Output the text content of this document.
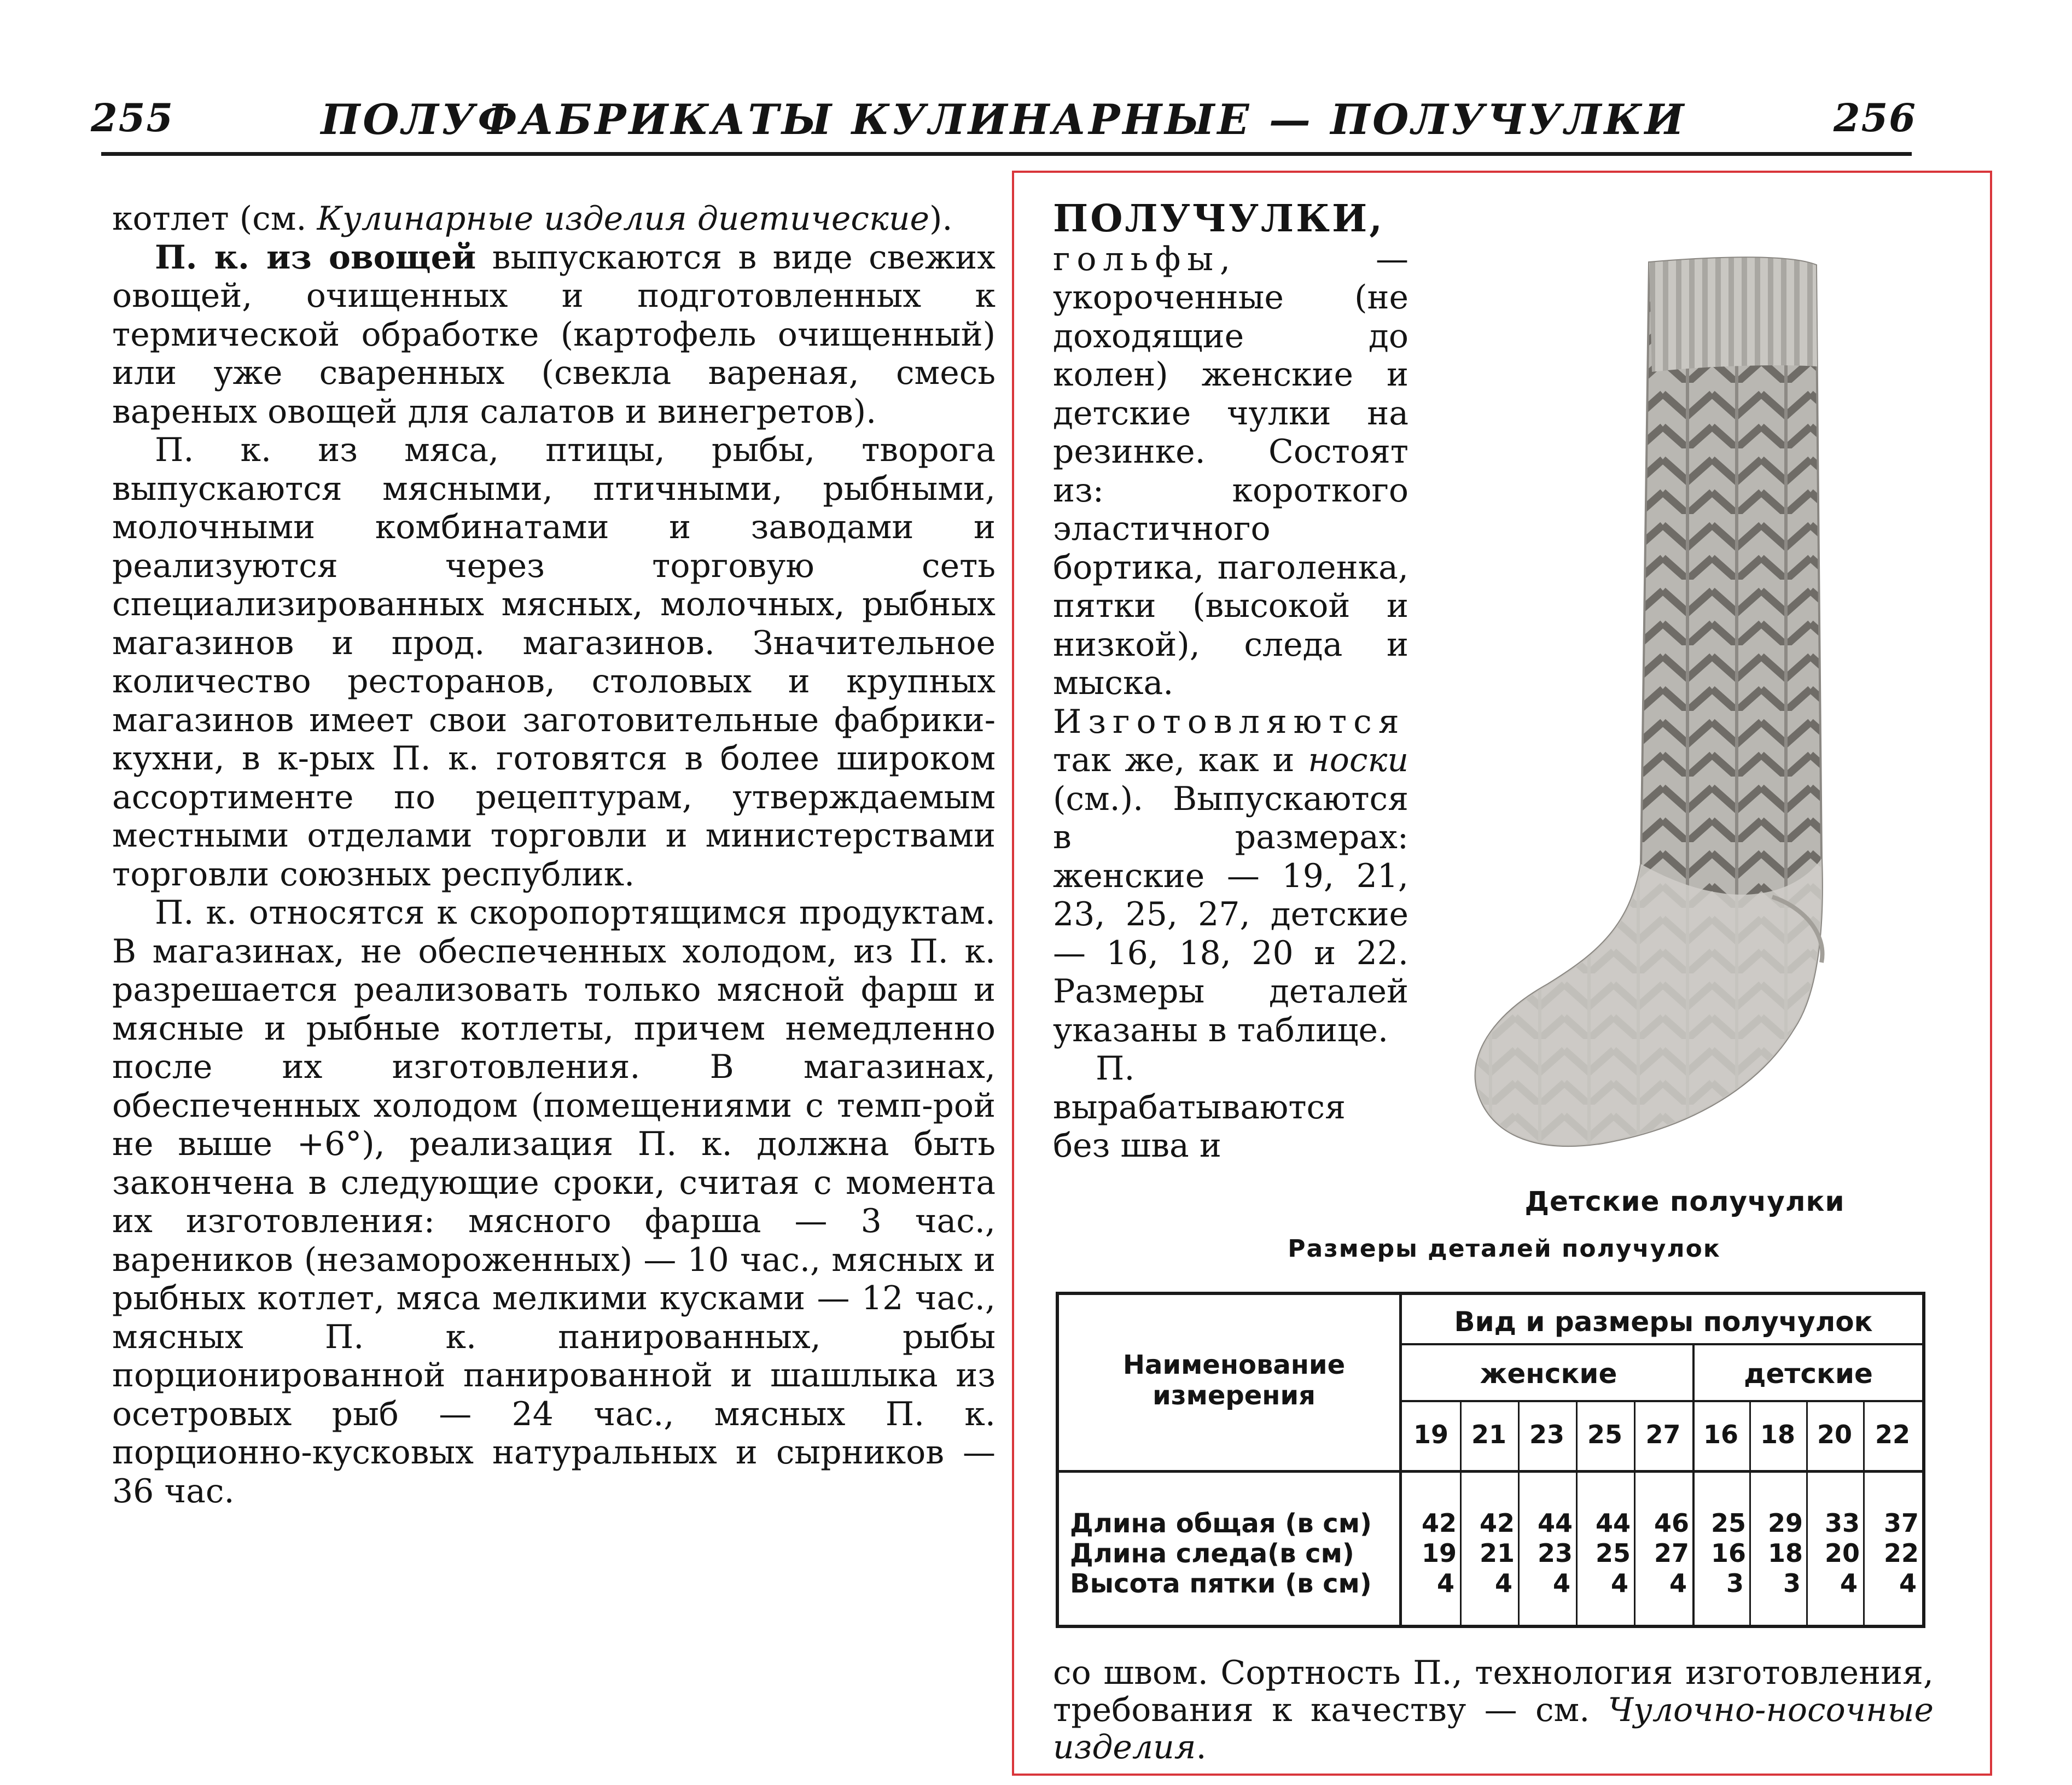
255	ПОЛУФАБРИКАТЫ КУЛИНАРНЫЕ — ПОЛУЧУЛКИ	256

котлет (см. Кулинарные изделия диетические).

П. к. из овощей выпускаются в виде свежих овощей, очищенных и подготовленных к термической обработке (картофель очищенный) или уже сваренных (свекла вареная, смесь вареных овощей для салатов и винегретов).

П. к. из мяса, птицы, рыбы, творога выпускаются мясными, птичными, рыбными, молочными комбинатами и заводами и реализуются через торговую сеть специализированных мясных, молочных, рыбных магазинов и прод. магазинов. Значительное количество ресторанов, столовых и крупных магазинов имеет свои заготовительные фабрики-кухни, в к-рых П. к. готовятся в более широком ассортименте по рецептурам, утверждаемым местными отделами торговли и министерствами торговли союзных республик.

П. к. относятся к скоропортящимся продуктам. В магазинах, не обеспеченных холодом, из П. к. разрешается реализовать только мясной фарш и мясные и рыбные котлеты, причем немедленно после их изготовления. В магазинах, обеспеченных холодом (помещениями с темп-рой не выше +6°), реализация П. к. должна быть закончена в следующие сроки, считая с момента их изготовления: мясного фарша — 3 час., вареников (незамороженных) — 10 час., мясных и рыбных котлет, мяса мелкими кусками — 12 час., мясных П. к. панированных, рыбы порционированной панированной и шашлыка из осетровых рыб — 24 час., мясных П. к. порционно-кусковых натуральных и сырников — 36 час.

ПОЛУЧУЛКИ,
гольфы,	— укороченные (не доходящие до колен) женские и детские чулки на резинке. Состоят из: короткого эластичного бортика, паголенка, пятки (высокой и низкой), следа и мыска. Изготовляются так же, как и носки (см.). Выпускаются в размерах: женские — 19, 21, 23, 25, 27, детские — 16, 18, 20 и 22. Размеры деталей указаны в таблице.

П. вырабатываются без шва и

Детские получулки
Размеры деталей получулок
Наименование измерения
Вид и размеры получулок
женские	детские
19 21 23 25 27 16 18 20 22
Длина общая (в см)	42 42 44 44 46 25 29 33 37
Длина следа(в см)	19 21 23 25 27 16 18 20 22
Высота пятки (в см)	4	4	4	4	4	3	3	4	4

со швом. Сортность П., технология изготовления, требования к качеству — см. Чулочно-носочные изделия.
